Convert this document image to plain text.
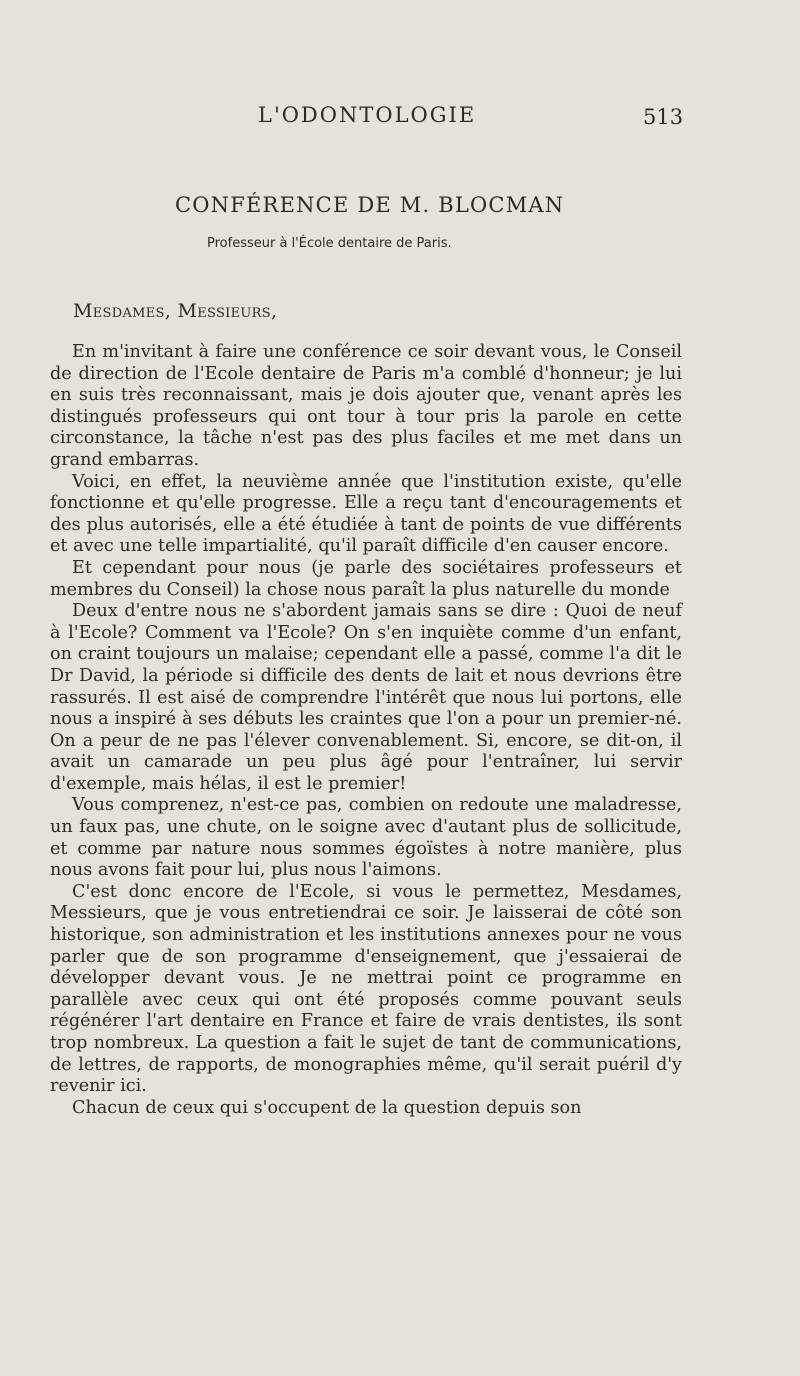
L'ODONTOLOGIE	513
CONFÉRENCE DE M. BLOCMAN
Professeur à l'École dentaire de Paris.
Mesdames, Messieurs,

En m'invitant à faire une conférence ce soir devant vous, le Conseil de direction de l'Ecole dentaire de Paris m'a comblé d'honneur; je lui en suis très reconnaissant, mais je dois ajouter que, venant après les distingués professeurs qui ont tour à tour pris la parole en cette circonstance, la tâche n'est pas des plus faciles et me met dans un grand embarras.

Voici, en effet, la neuvième année que l'institution existe, qu'elle fonctionne et qu'elle progresse. Elle a reçu tant d'encouragements et des plus autorisés, elle a été étudiée à tant de points de vue différents et avec une telle impartialité, qu'il paraît difficile d'en causer encore.

Et cependant pour nous (je parle des sociétaires professeurs et membres du Conseil) la chose nous paraît la plus naturelle du monde

Deux d'entre nous ne s'abordent jamais sans se dire : Quoi de neuf à l'Ecole? Comment va l'Ecole? On s'en inquiète comme d'un enfant, on craint toujours un malaise; cependant elle a passé, comme l'a dit le Dr David, la période si difficile des dents de lait et nous devrions être rassurés. Il est aisé de comprendre l'intérêt que nous lui portons, elle nous a inspiré à ses débuts les craintes que l'on a pour un premier-né. On a peur de ne pas l'élever convenablement. Si, encore, se dit-on, il avait un camarade un peu plus âgé pour l'entraîner, lui servir d'exemple, mais hélas, il est le premier!

Vous comprenez, n'est-ce pas, combien on redoute une maladresse, un faux pas, une chute, on le soigne avec d'autant plus de sollicitude, et comme par nature nous sommes égoïstes à notre manière, plus nous avons fait pour lui, plus nous l'aimons.

C'est donc encore de l'Ecole, si vous le permettez, Mesdames, Messieurs, que je vous entretiendrai ce soir. Je laisserai de côté son historique, son administration et les institutions annexes pour ne vous parler que de son programme d'enseignement, que j'essaierai de développer devant vous. Je ne mettrai point ce programme en parallèle avec ceux qui ont été proposés comme pouvant seuls régénérer l'art dentaire en France et faire de vrais dentistes, ils sont trop nombreux. La question a fait le sujet de tant de communications, de lettres, de rapports, de monographies même, qu'il serait puéril d'y revenir ici.

Chacun de ceux qui s'occupent de la question depuis son
